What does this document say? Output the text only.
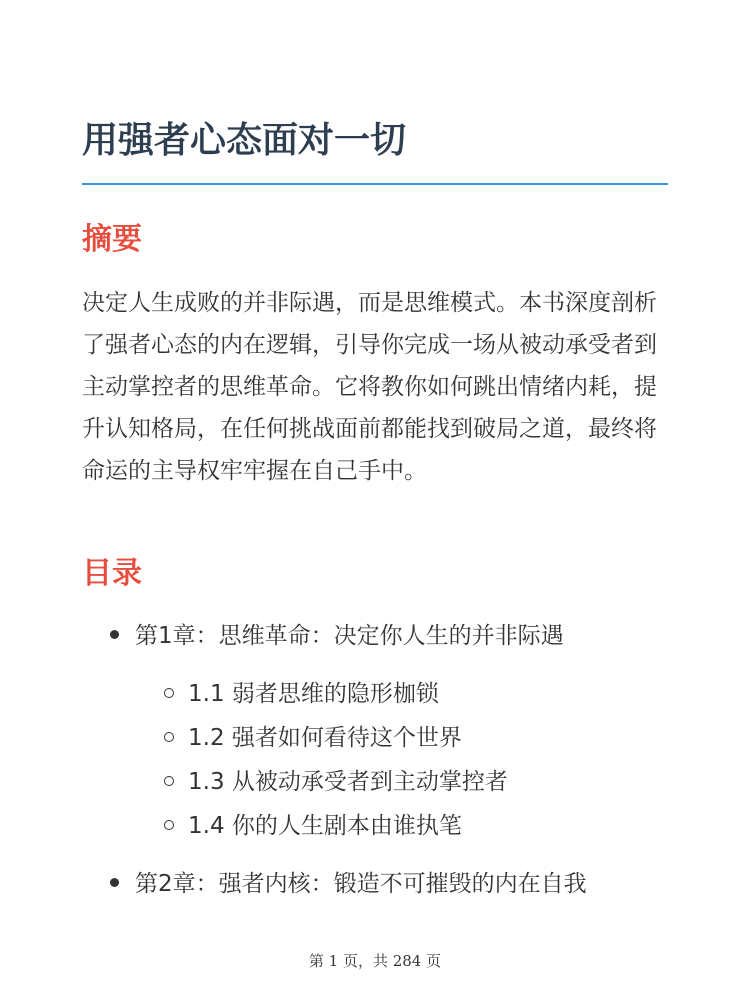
用强者心态面对一切
摘要

决定人生成败的并非际遇，而是思维模式。本书深度剖析了强者心态的内在逻辑，引导你完成一场从被动承受者到主动掌控者的思维革命。它将教你如何跳出情绪内耗，提升认知格局，在任何挑战面前都能找到破局之道，最终将命运的主导权牢牢握在自己手中。

目录
第1章：思维革命：决定你人生的并非际遇
1.1 弱者思维的隐形枷锁
1.2 强者如何看待这个世界
1.3 从被动承受者到主动掌控者
1.4 你的人生剧本由谁执笔
第2章：强者内核：锻造不可摧毁的内在自我
第 1 页，共 284 页
